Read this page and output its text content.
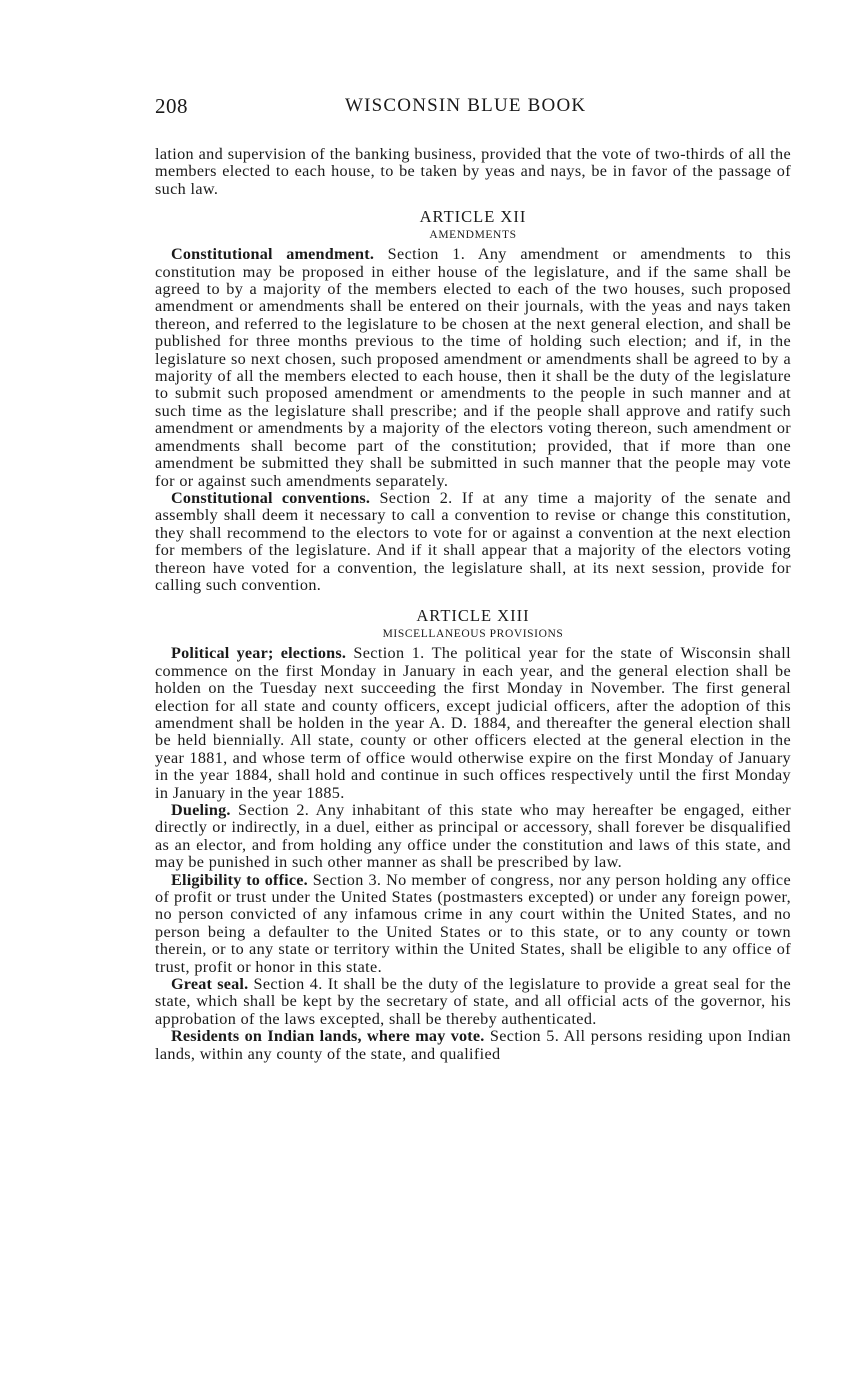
208	WISCONSIN BLUE BOOK

lation and supervision of the banking business, provided that the vote of two-thirds of all the members elected to each house, to be taken by yeas and nays, be in favor of the passage of such law.

ARTICLE XII
AMENDMENTS

Constitutional amendment. Section 1. Any amendment or amendments to this constitution may be proposed in either house of the legislature, and if the same shall be agreed to by a majority of the members elected to each of the two houses, such proposed amendment or amendments shall be entered on their journals, with the yeas and nays taken thereon, and referred to the legislature to be chosen at the next general election, and shall be published for three months previous to the time of holding such election; and if, in the legislature so next chosen, such proposed amendment or amendments shall be agreed to by a majority of all the members elected to each house, then it shall be the duty of the legislature to submit such proposed amendment or amendments to the people in such manner and at such time as the legislature shall prescribe; and if the people shall approve and ratify such amendment or amendments by a majority of the electors voting thereon, such amendment or amendments shall become part of the constitution; provided, that if more than one amendment be submitted they shall be submitted in such manner that the people may vote for or against such amendments separately.

Constitutional conventions. Section 2. If at any time a majority of the senate and assembly shall deem it necessary to call a convention to revise or change this constitution, they shall recommend to the electors to vote for or against a convention at the next election for members of the legislature. And if it shall appear that a majority of the electors voting thereon have voted for a convention, the legislature shall, at its next session, provide for calling such convention.

ARTICLE XIII
MISCELLANEOUS PROVISIONS

Political year; elections. Section 1. The political year for the state of Wisconsin shall commence on the first Monday in January in each year, and the general election shall be holden on the Tuesday next succeeding the first Monday in November. The first general election for all state and county officers, except judicial officers, after the adoption of this amendment shall be holden in the year A. D. 1884, and thereafter the general election shall be held biennially. All state, county or other officers elected at the general election in the year 1881, and whose term of office would otherwise expire on the first Monday of January in the year 1884, shall hold and continue in such offices respectively until the first Monday in January in the year 1885.

Dueling. Section 2. Any inhabitant of this state who may hereafter be engaged, either directly or indirectly, in a duel, either as principal or accessory, shall forever be disqualified as an elector, and from holding any office under the constitution and laws of this state, and may be punished in such other manner as shall be prescribed by law.

Eligibility to office. Section 3. No member of congress, nor any person holding any office of profit or trust under the United States (postmasters excepted) or under any foreign power, no person convicted of any infamous crime in any court within the United States, and no person being a defaulter to the United States or to this state, or to any county or town therein, or to any state or territory within the United States, shall be eligible to any office of trust, profit or honor in this state.

Great seal. Section 4. It shall be the duty of the legislature to provide a great seal for the state, which shall be kept by the secretary of state, and all official acts of the governor, his approbation of the laws excepted, shall be thereby authenticated.

Residents on Indian lands, where may vote. Section 5. All persons residing upon Indian lands, within any county of the state, and qualified
